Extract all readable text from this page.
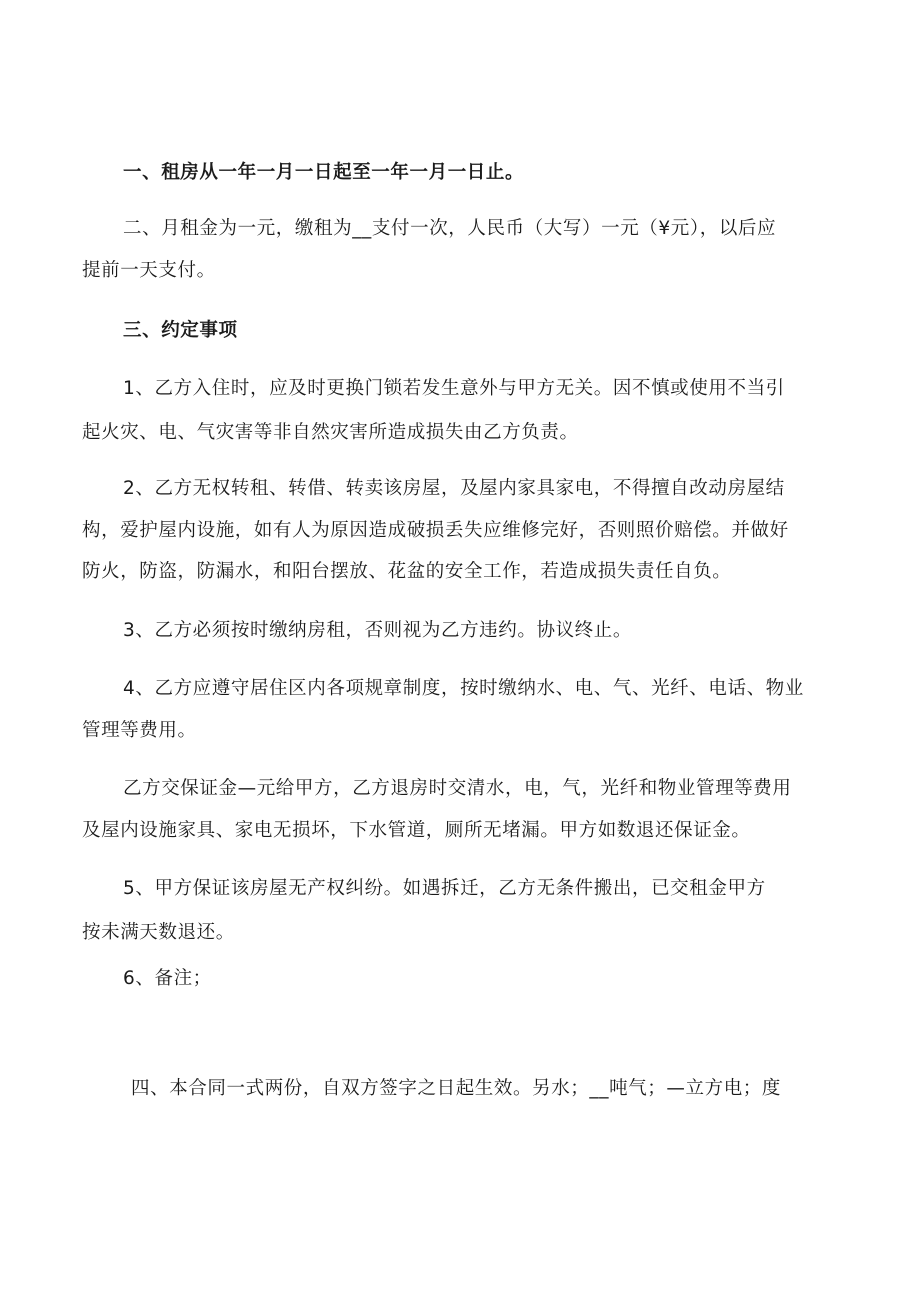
一、租房从一年一月一日起至一年一月一日止。
二、月租金为一元，缴租为__支付一次，人民币（大写）一元（¥元），以后应
提前一天支付。
三、约定事项
1、乙方入住时，应及时更换门锁若发生意外与甲方无关。因不慎或使用不当引
起火灾、电、气灾害等非自然灾害所造成损失由乙方负责。
2、乙方无权转租、转借、转卖该房屋，及屋内家具家电，不得擅自改动房屋结
构，爱护屋内设施，如有人为原因造成破损丢失应维修完好，否则照价赔偿。并做好
防火，防盗，防漏水，和阳台摆放、花盆的安全工作，若造成损失责任自负。
3、乙方必须按时缴纳房租，否则视为乙方违约。协议终止。
4、乙方应遵守居住区内各项规章制度，按时缴纳水、电、气、光纤、电话、物业
管理等费用。
乙方交保证金—元给甲方，乙方退房时交清水，电，气，光纤和物业管理等费用
及屋内设施家具、家电无损坏，下水管道，厕所无堵漏。甲方如数退还保证金。
5、甲方保证该房屋无产权纠纷。如遇拆迁，乙方无条件搬出，已交租金甲方
按未满天数退还。
6、备注；
四、本合同一式两份，自双方签字之日起生效。另水；__吨气；—立方电；度
